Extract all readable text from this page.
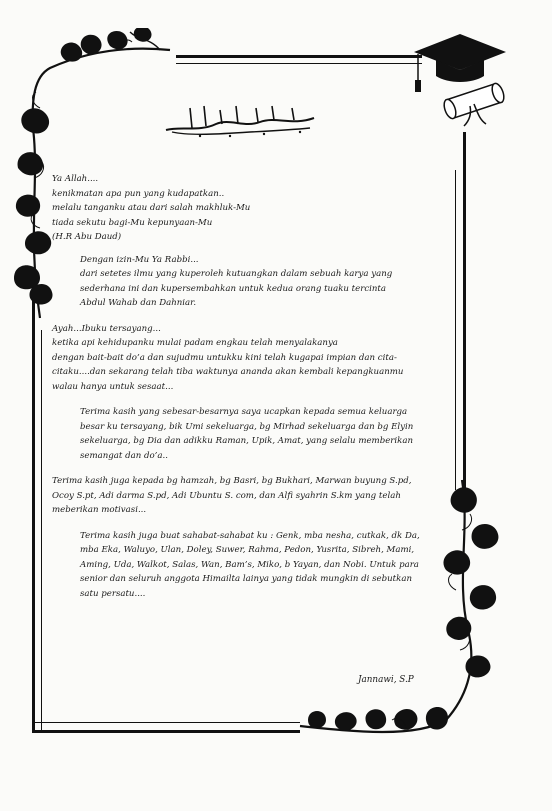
Ya Allah....

kenikmatan apa pun yang kudapatkan..

melalu tanganku atau dari salah makhluk-Mu

tiada sekutu bagi-Mu kepunyaan-Mu

(H.R Abu Daud)

Dengan izin-Mu Ya Rabbi...

dari setetes ilmu yang kuperoleh kutuangkan dalam sebuah karya yang

sederhana ini dan kupersembahkan untuk kedua orang tuaku tercinta

Abdul Wahab dan Dahniar.

Ayah...Ibuku tersayang...

ketika api kehidupanku mulai padam engkau telah menyalakanya

dengan bait-bait do’a dan sujudmu untukku kini telah kugapai impian dan cita-

citaku....dan sekarang telah tiba waktunya ananda akan kembali kepangkuanmu

walau hanya untuk sesaat...

Terima kasih yang sebesar-besarnya saya ucapkan kepada semua keluarga

besar ku tersayang, bik Umi sekeluarga, bg Mirhad sekeluarga dan bg Elyin

sekeluarga, bg Dia dan adikku Raman, Upik, Amat, yang selalu memberikan

semangat dan do’a..

Terima kasih juga kepada bg hamzah, bg Basri, bg Bukhari, Marwan buyung S.pd,

Ocoy S.pt, Adi darma S.pd, Adi Ubuntu S. com, dan Alfi syahrin S.km yang telah

meberikan motivasi...

Terima kasih juga buat sahabat-sahabat ku : Genk, mba nesha, cutkak, dk Da,

mba Eka, Waluyo, Ulan, Doley, Suwer, Rahma, Pedon, Yusrita, Sibreh, Mami,

Aming, Uda, Walkot, Salas, Wan, Bam’s, Miko, b Yayan, dan Nobi. Untuk para

senior dan seluruh anggota Himailta lainya yang tidak mungkin di sebutkan

satu persatu....

Jannawi, S.P
